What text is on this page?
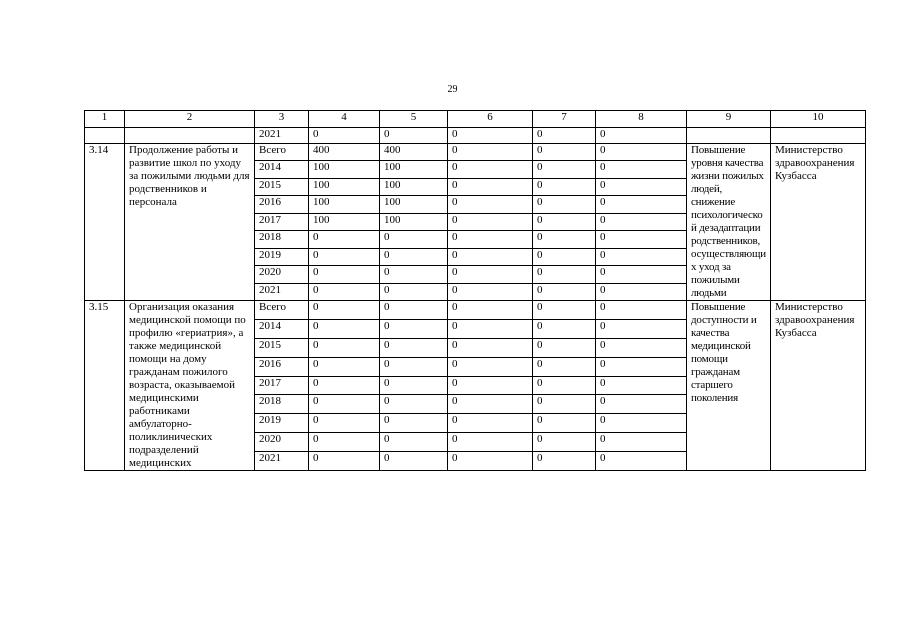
29
1	2	3	4	5	6	7	8	9	10
		2021	0	0	0	0	0		
3.14	Продолжение работы и развитие школ по уходу за пожилыми людьми для родственников и персонала	Всего	400	400	0	0	0	Повышение уровня качества жизни пожилых людей, снижение психологической дезадаптации родственников, осуществляющих уход за пожилыми людьми	Министерство здравоохранения Кузбасса
		2014	100	100	0	0	0		
		2015	100	100	0	0	0		
		2016	100	100	0	0	0		
		2017	100	100	0	0	0		
		2018	0	0	0	0	0		
		2019	0	0	0	0	0		
		2020	0	0	0	0	0		
		2021	0	0	0	0	0		
3.15	Организация оказания медицинской помощи по профилю «гериатрия», а также медицинской помощи на дому гражданам пожилого возраста, оказываемой медицинскими работниками амбулаторно-поликлинических подразделений медицинских	Всего	0	0	0	0	0	Повышение доступности и качества медицинской помощи гражданам старшего поколения	Министерство здравоохранения Кузбасса
		2014	0	0	0	0	0		
		2015	0	0	0	0	0		
		2016	0	0	0	0	0		
		2017	0	0	0	0	0		
		2018	0	0	0	0	0		
		2019	0	0	0	0	0		
		2020	0	0	0	0	0		
		2021	0	0	0	0	0		
